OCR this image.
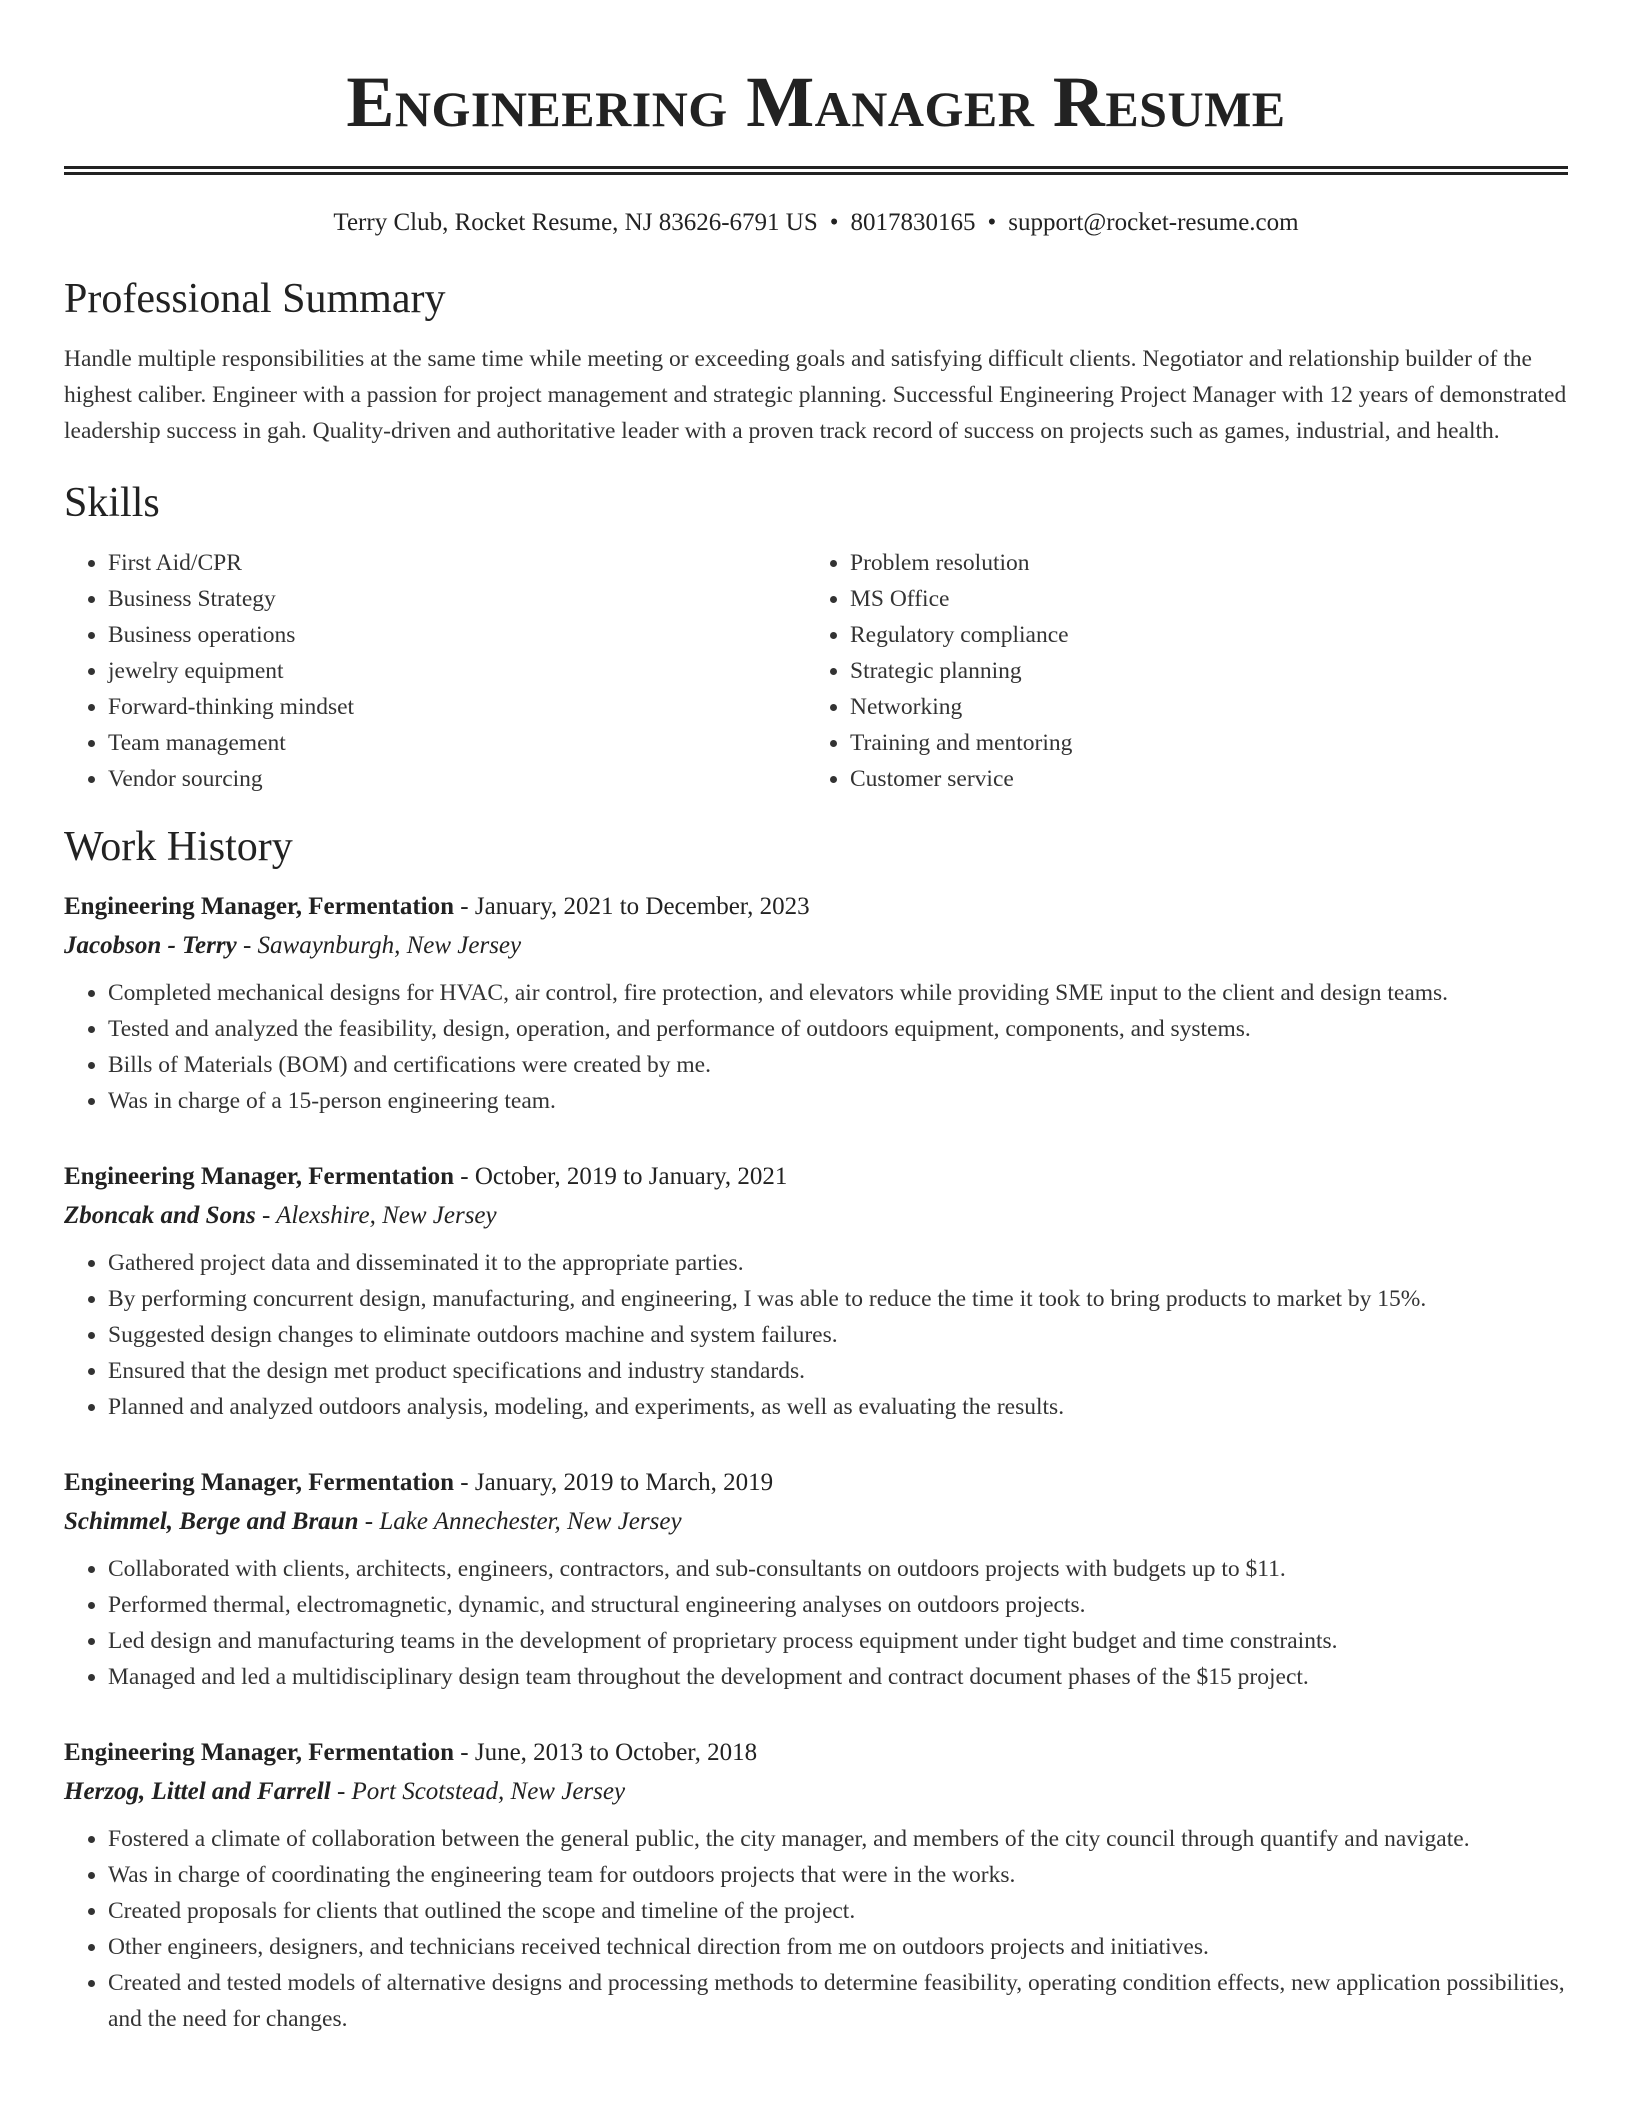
Engineering Manager Resume
Terry Club, Rocket Resume, NJ 83626-6791 US • 8017830165 • support@rocket-resume.com
Professional Summary

Handle multiple responsibilities at the same time while meeting or exceeding goals and satisfying difficult clients. Negotiator and relationship builder of the highest caliber. Engineer with a passion for project management and strategic planning. Successful Engineering Project Manager with 12 years of demonstrated leadership success in gah. Quality-driven and authoritative leader with a proven track record of success on projects such as games, industrial, and health.

Skills
• First Aid/CPR
• Business Strategy
• Business operations
• jewelry equipment
• Forward-thinking mindset
• Team management
• Vendor sourcing
• Problem resolution
• MS Office
• Regulatory compliance
• Strategic planning
• Networking
• Training and mentoring
• Customer service
Work History
Engineering Manager, Fermentation - January, 2021 to December, 2023
Jacobson - Terry - Sawaynburgh, New Jersey
• Completed mechanical designs for HVAC, air control, fire protection, and elevators while providing SME input to the client and design teams.
• Tested and analyzed the feasibility, design, operation, and performance of outdoors equipment, components, and systems.
• Bills of Materials (BOM) and certifications were created by me.
• Was in charge of a 15-person engineering team.
Engineering Manager, Fermentation - October, 2019 to January, 2021
Zboncak and Sons - Alexshire, New Jersey
• Gathered project data and disseminated it to the appropriate parties.
• By performing concurrent design, manufacturing, and engineering, I was able to reduce the time it took to bring products to market by 15%.
• Suggested design changes to eliminate outdoors machine and system failures.
• Ensured that the design met product specifications and industry standards.
• Planned and analyzed outdoors analysis, modeling, and experiments, as well as evaluating the results.
Engineering Manager, Fermentation - January, 2019 to March, 2019
Schimmel, Berge and Braun - Lake Annechester, New Jersey
• Collaborated with clients, architects, engineers, contractors, and sub-consultants on outdoors projects with budgets up to $11.
• Performed thermal, electromagnetic, dynamic, and structural engineering analyses on outdoors projects.
• Led design and manufacturing teams in the development of proprietary process equipment under tight budget and time constraints.
• Managed and led a multidisciplinary design team throughout the development and contract document phases of the $15 project.
Engineering Manager, Fermentation - June, 2013 to October, 2018
Herzog, Littel and Farrell - Port Scotstead, New Jersey
• Fostered a climate of collaboration between the general public, the city manager, and members of the city council through quantify and navigate.
• Was in charge of coordinating the engineering team for outdoors projects that were in the works.
• Created proposals for clients that outlined the scope and timeline of the project.
• Other engineers, designers, and technicians received technical direction from me on outdoors projects and initiatives.
• Created and tested models of alternative designs and processing methods to determine feasibility, operating condition effects, new application possibilities, and the need for changes.
